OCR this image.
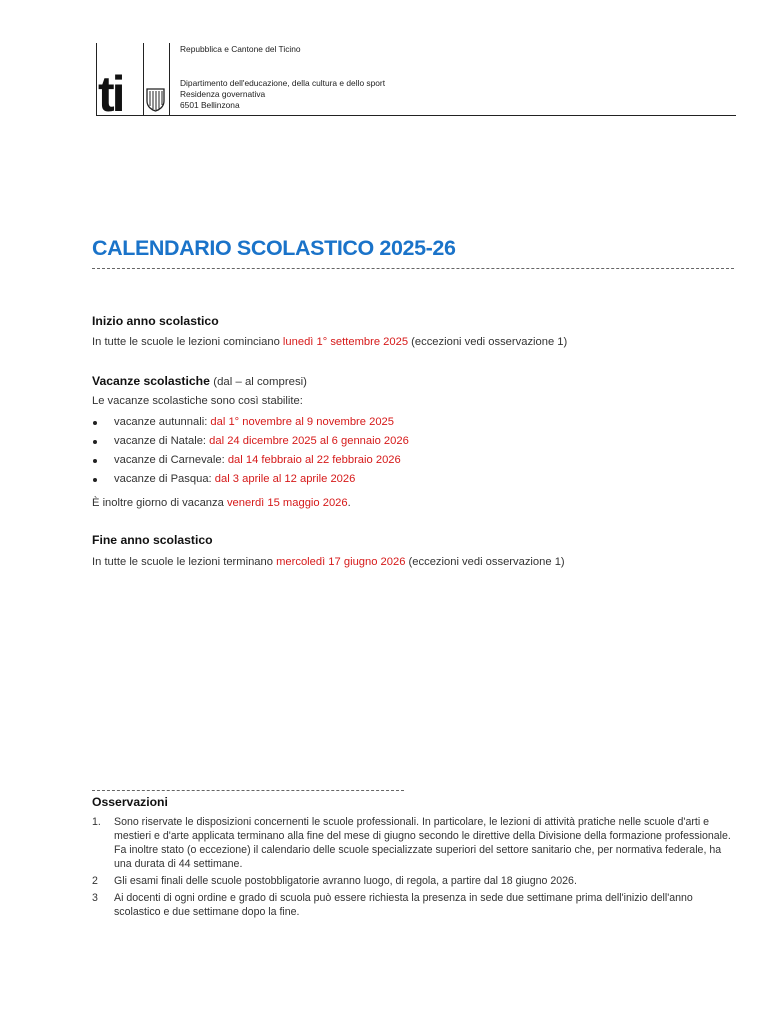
ti
Repubblica e Cantone del Ticino
Dipartimento dell'educazione, della cultura e dello sport
Residenza governativa
6501 Bellinzona
CALENDARIO SCOLASTICO 2025-26
Inizio anno scolastico
In tutte le scuole le lezioni cominciano lunedì 1° settembre 2025 (eccezioni vedi osservazione 1)
Vacanze scolastiche (dal – al compresi)
Le vacanze scolastiche sono così stabilite:
vacanze autunnali: dal 1° novembre al 9 novembre 2025
vacanze di Natale: dal 24 dicembre 2025 al 6 gennaio 2026
vacanze di Carnevale: dal 14 febbraio al 22 febbraio 2026
vacanze di Pasqua: dal 3 aprile al 12 aprile 2026
È inoltre giorno di vacanza venerdì 15 maggio 2026.
Fine anno scolastico
In tutte le scuole le lezioni terminano mercoledì 17 giugno 2026 (eccezioni vedi osservazione 1)
Osservazioni
1. Sono riservate le disposizioni concernenti le scuole professionali. In particolare, le lezioni di attività pratiche nelle scuole d'arti e mestieri e d'arte applicata terminano alla fine del mese di giugno secondo le direttive della Divisione della formazione professionale. Fa inoltre stato (o eccezione) il calendario delle scuole specializzate superiori del settore sanitario che, per normativa federale, ha una durata di 44 settimane.
2 Gli esami finali delle scuole postobbligatorie avranno luogo, di regola, a partire dal 18 giugno 2026.
3 Ai docenti di ogni ordine e grado di scuola può essere richiesta la presenza in sede due settimane prima dell'inizio dell'anno scolastico e due settimane dopo la fine.
